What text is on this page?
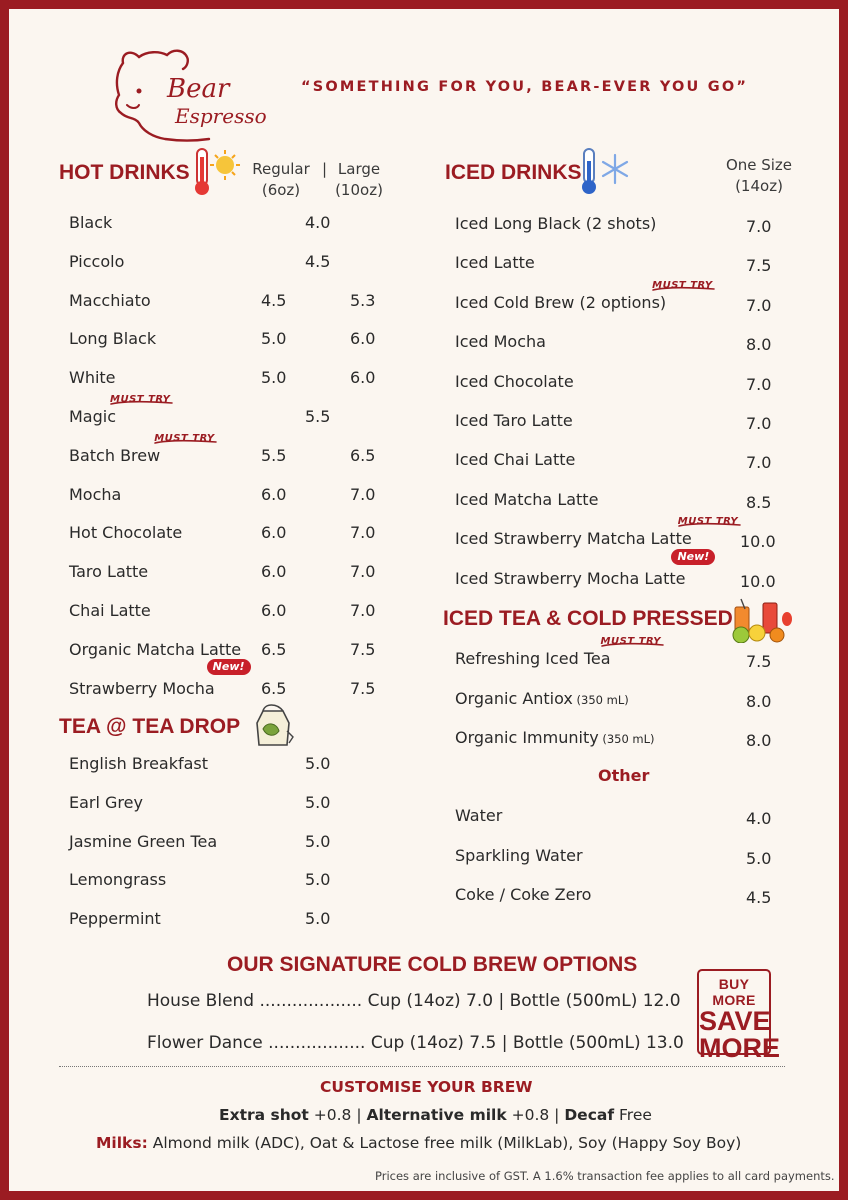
Bear
Espresso
“SOMETHING FOR YOU, BEAR-EVER YOU GO”
HOT DRINKS	Regular
(6oz)
| Large
(10oz)
TEA @ TEA DROP
ICED DRINKS	One Size
(14oz)
ICED TEA & COLD PRESSED
Other
OUR SIGNATURE COLD BREW OPTIONS
House Blend ................... Cup (14oz) 7.0 | Bottle (500mL) 12.0
Flower Dance .................. Cup (14oz) 7.5 | Bottle (500mL) 13.0
BUY MORE
SAVE
MORE
CUSTOMISE YOUR BREW
Extra shot +0.8 | Alternative milk +0.8 | Decaf Free
Milks: Almond milk (ADC), Oat & Lactose free milk (MilkLab), Soy (Happy Soy Boy)
Prices are inclusive of GST. A 1.6% transaction fee applies to all card payments.
Black	4.0
Piccolo	4.5
Macchiato	4.5	5.3
Long Black	5.0	6.0
White	5.0	6.0
Magic	5.5
MUST TRY
Batch Brew	5.5	6.5
MUST TRY
Mocha	6.0	7.0
Hot Chocolate	6.0	7.0
Taro Latte	6.0	7.0
Chai Latte	6.0	7.0
Organic Matcha Latte 6.5	7.5
Strawberry Mocha	6.5	7.5
New!
English Breakfast	5.0
Earl Grey	5.0
Jasmine Green Tea	5.0
Lemongrass	5.0
Peppermint	5.0
Iced Long Black (2 shots)	7.0
Iced Latte	7.5
Iced Cold Brew (2 options)	7.0
MUST TRY
Iced Mocha	8.0
Iced Chocolate	7.0
Iced Taro Latte	7.0
Iced Chai Latte	7.0
Iced Matcha Latte	8.5
Iced Strawberry Matcha Latte	10.0
MUST TRY
Iced Strawberry Mocha Latte	10.0
New!
Refreshing Iced Tea	7.5
MUST TRY
Organic Antiox (350 mL)	8.0
Organic Immunity (350 mL)	8.0
Water	4.0
Sparkling Water	5.0
Coke / Coke Zero	4.5
